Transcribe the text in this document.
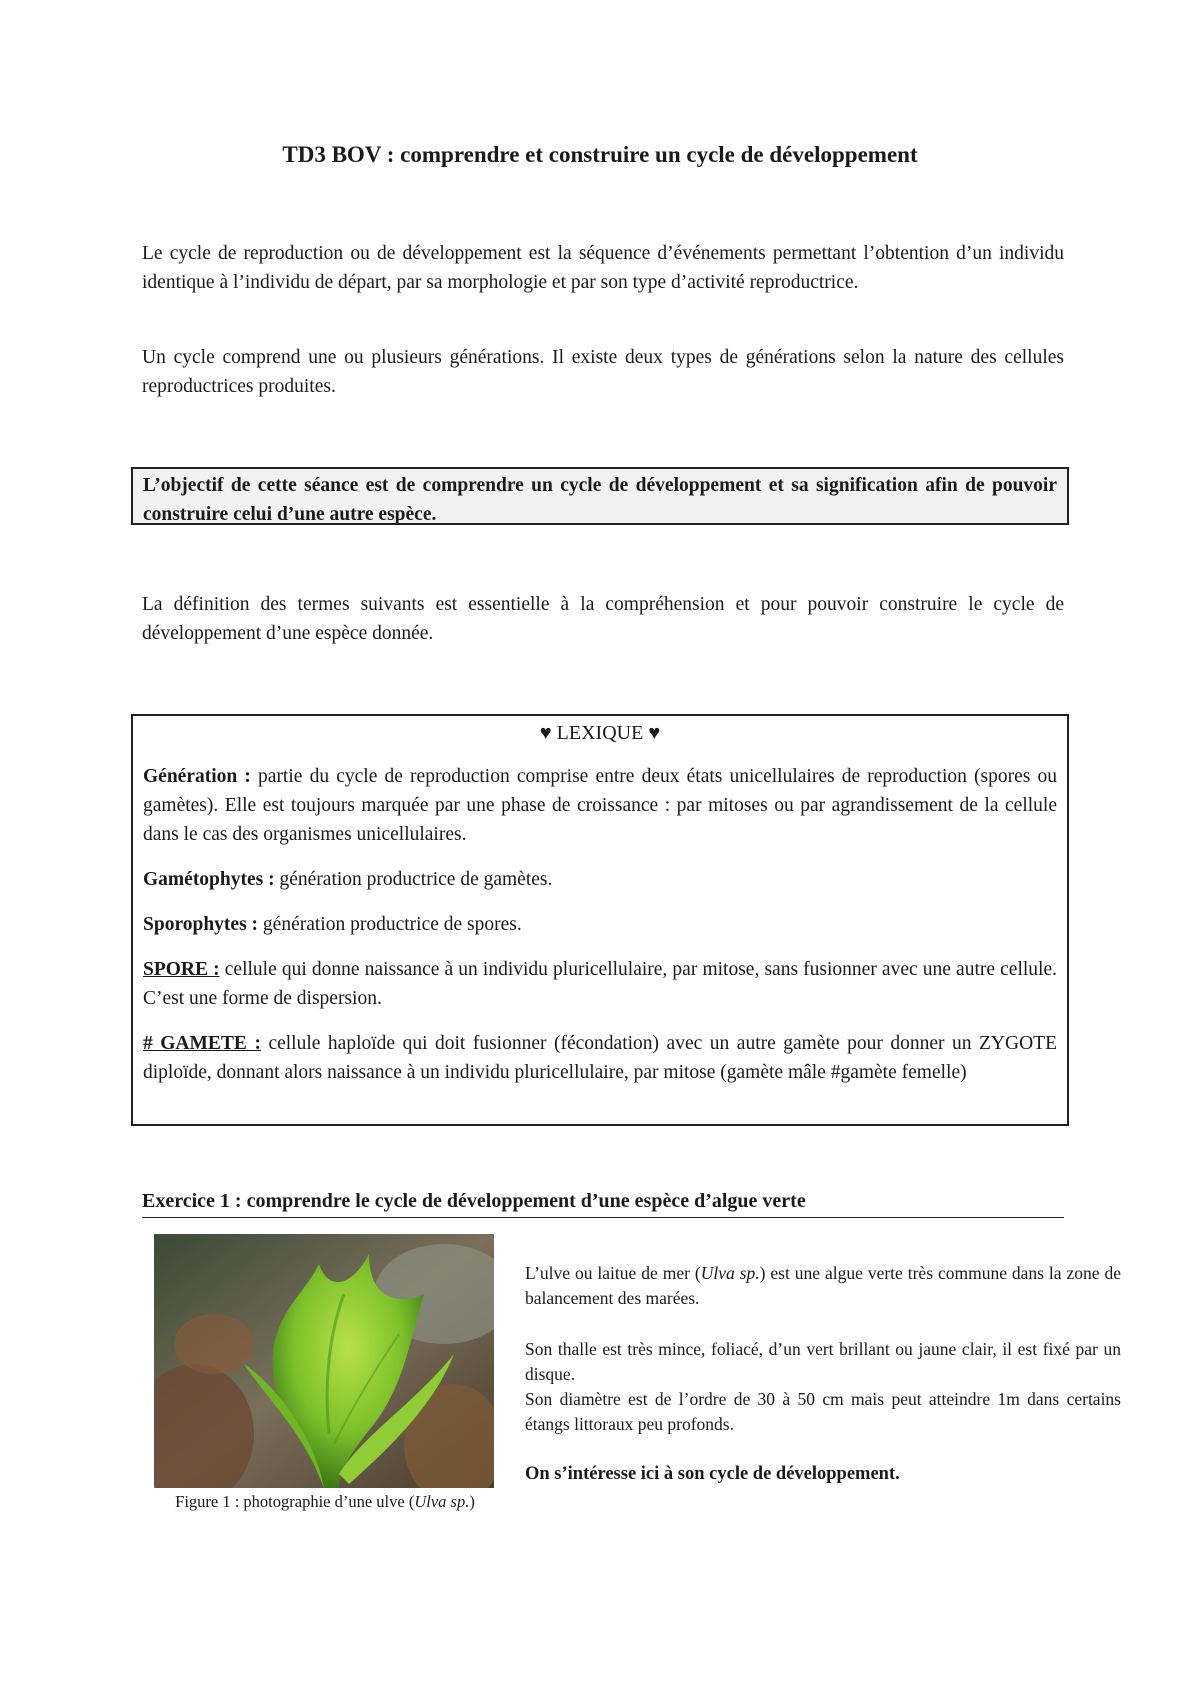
TD3 BOV : comprendre et construire un cycle de développement

Le cycle de reproduction ou de développement est la séquence d’événements permettant l’obtention d’un individu identique à l’individu de départ, par sa morphologie et par son type d’activité reproductrice.

Un cycle comprend une ou plusieurs générations. Il existe deux types de générations selon la nature des cellules reproductrices produites.

L’objectif de cette séance est de comprendre un cycle de développement et sa signification afin de pouvoir construire celui d’une autre espèce.

La définition des termes suivants est essentielle à la compréhension et pour pouvoir construire le cycle de développement d’une espèce donnée.

♥ LEXIQUE ♥

Génération : partie du cycle de reproduction comprise entre deux états unicellulaires de reproduction (spores ou gamètes). Elle est toujours marquée par une phase de croissance : par mitoses ou par agrandissement de la cellule dans le cas des organismes unicellulaires.

Gamétophytes : génération productrice de gamètes.

Sporophytes : génération productrice de spores.

SPORE : cellule qui donne naissance à un individu pluricellulaire, par mitose, sans fusionner avec une autre cellule. C’est une forme de dispersion.

# GAMETE : cellule haploïde qui doit fusionner (fécondation) avec un autre gamète pour donner un ZYGOTE diploïde, donnant alors naissance à un individu pluricellulaire, par mitose (gamète mâle #gamète femelle)

Exercice 1 : comprendre le cycle de développement d’une espèce d’algue verte
Figure 1 : photographie d’une ulve (Ulva sp.)

L’ulve ou laitue de mer (Ulva sp.) est une algue verte très commune dans la zone de balancement des marées.

Son thalle est très mince, foliacé, d’un vert brillant ou jaune clair, il est fixé par un disque.

Son diamètre est de l’ordre de 30 à 50 cm mais peut atteindre 1m dans certains étangs littoraux peu profonds.

On s’intéresse ici à son cycle de développement.
